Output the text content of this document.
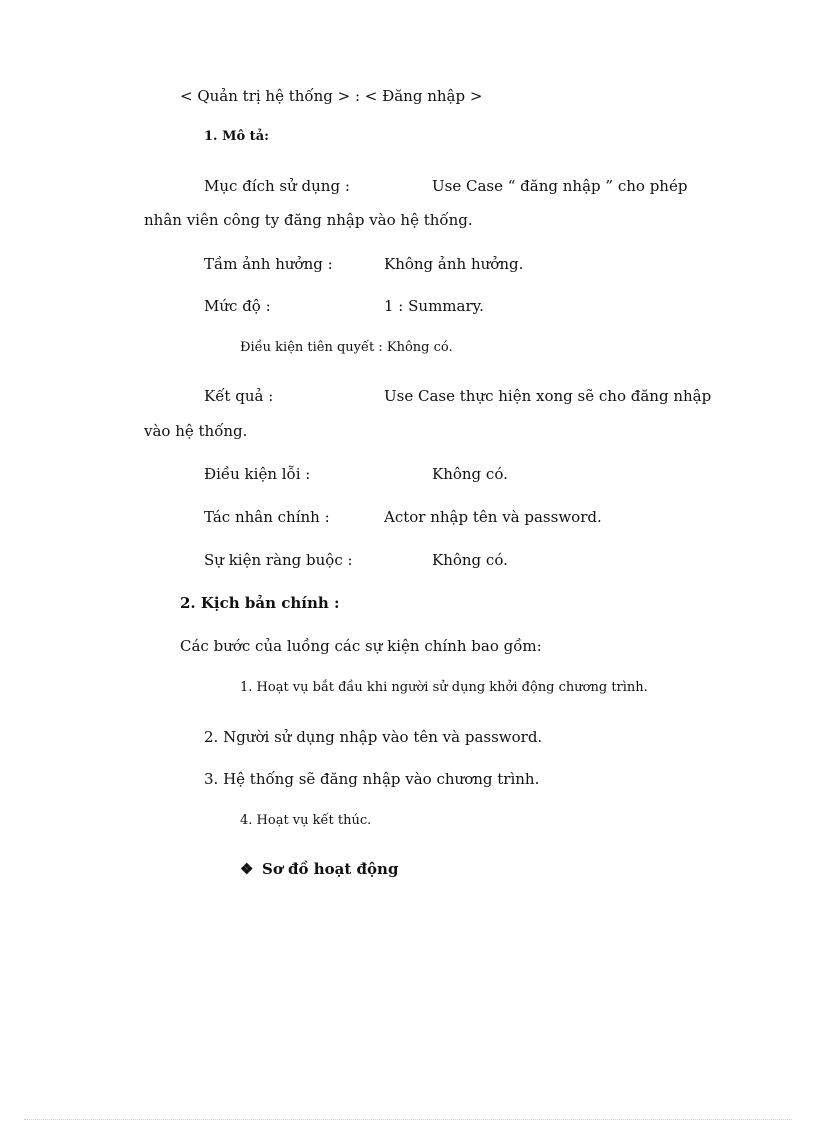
< Quản trị hệ thống > : < Đăng nhập >
1. Mô tả:
Mục đích sử dụng :	Use Case “ đăng nhập ” cho phép
nhân viên công ty đăng nhập vào hệ thống.
Tầm ảnh hưởng :	Không ảnh hưởng.
Mức độ :	1 : Summary.
Điều kiện tiên quyết : Không có.
Kết quả :	Use Case thực hiện xong sẽ cho đăng nhập
vào hệ thống.
Điều kiện lỗi :	Không có.
Tác nhân chính :	Actor nhập tên và password.
Sự kiện ràng buộc :	Không có.
2. Kịch bản chính :
Các bước của luồng các sự kiện chính bao gồm:
1. Hoạt vụ bắt đầu khi người sử dụng khởi động chương trình.
2. Người sử dụng nhập vào tên và password.
3. Hệ thống sẽ đăng nhập vào chương trình.
4. Hoạt vụ kết thúc.
❖ Sơ đồ hoạt động
